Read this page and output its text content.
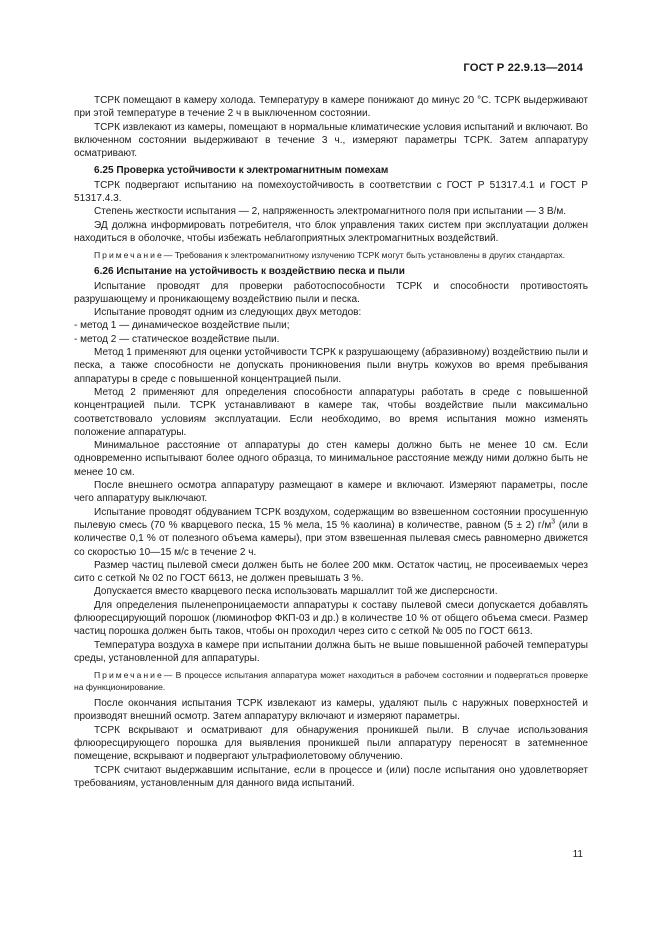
ГОСТ Р 22.9.13—2014

ТСРК помещают в камеру холода. Температуру в камере понижают до минус 20 °С. ТСРК выдерживают при этой температуре в течение 2 ч в выключенном состоянии.

ТСРК извлекают из камеры, помещают в нормальные климатические условия испытаний и включают. Во включенном состоянии выдерживают в течение 3 ч., измеряют параметры ТСРК. Затем аппаратуру осматривают.

6.25 Проверка устойчивости к электромагнитным помехам

ТСРК подвергают испытанию на помехоустойчивость в соответствии с ГОСТ Р 51317.4.1 и ГОСТ Р 51317.4.3.

Степень жесткости испытания — 2, напряженность электромагнитного поля при испытании — 3 В/м.

ЭД должна информировать потребителя, что блок управления таких систем при эксплуатации должен находиться в оболочке, чтобы избежать неблагоприятных электромагнитных воздействий.

Примечание— Требования к электромагнитному излучению ТСРК могут быть установлены в других стандартах.

6.26 Испытание на устойчивость к воздействию песка и пыли

Испытание проводят для проверки работоспособности ТСРК и способности противостоять разрушающему и проникающему воздействию пыли и песка.

Испытание проводят одним из следующих двух методов:

- метод 1 — динамическое воздействие пыли;

- метод 2 — статическое воздействие пыли.

Метод 1 применяют для оценки устойчивости ТСРК к разрушающему (абразивному) воздействию пыли и песка, а также способности не допускать проникновения пыли внутрь кожухов во время пребывания аппаратуры в среде с повышенной концентрацией пыли.

Метод 2 применяют для определения способности аппаратуры работать в среде с повышенной концентрацией пыли. ТСРК устанавливают в камере так, чтобы воздействие пыли максимально соответствовало условиям эксплуатации. Если необходимо, во время испытания можно изменять положение аппаратуры.

Минимальное расстояние от аппаратуры до стен камеры должно быть не менее 10 см. Если одновременно испытывают более одного образца, то минимальное расстояние между ними должно быть не менее 10 см.

После внешнего осмотра аппаратуру размещают в камере и включают. Измеряют параметры, после чего аппаратуру выключают.

Испытание проводят обдуванием ТСРК воздухом, содержащим во взвешенном состоянии просушенную пылевую смесь (70 % кварцевого песка, 15 % мела, 15 % каолина) в количестве, равном (5 ± 2) $г/м^3$ (или в количестве 0,1 % от полезного объема камеры), при этом взвешенная пылевая смесь равномерно движется со скоростью 10—15 м/с в течение 2 ч.

Размер частиц пылевой смеси должен быть не более 200 мкм. Остаток частиц, не просеиваемых через сито с сеткой № 02 по ГОСТ 6613, не должен превышать 3 %.

Допускается вместо кварцевого песка использовать маршаллит той же дисперсности.

Для определения пыленепроницаемости аппаратуры к составу пылевой смеси допускается добавлять флюоресцирующий порошок (люминофор ФКП-03 и др.) в количестве 10 % от общего объема смеси. Размер частиц порошка должен быть таков, чтобы он проходил через сито с сеткой № 005 по ГОСТ 6613.

Температура воздуха в камере при испытании должна быть не выше повышенной рабочей температуры среды, установленной для аппаратуры.

Примечание— В процессе испытания аппаратура может находиться в рабочем состоянии и подвергаться проверке на функционирование.

После окончания испытания ТСРК извлекают из камеры, удаляют пыль с наружных поверхностей и производят внешний осмотр. Затем аппаратуру включают и измеряют параметры.

ТСРК вскрывают и осматривают для обнаружения проникшей пыли. В случае использования флюоресцирующего порошка для выявления проникшей пыли аппаратуру переносят в затемненное помещение, вскрывают и подвергают ультрафиолетовому облучению.

ТСРК считают выдержавшим испытание, если в процессе и (или) после испытания оно удовлетворяет требованиям, установленным для данного вида испытаний.

11
